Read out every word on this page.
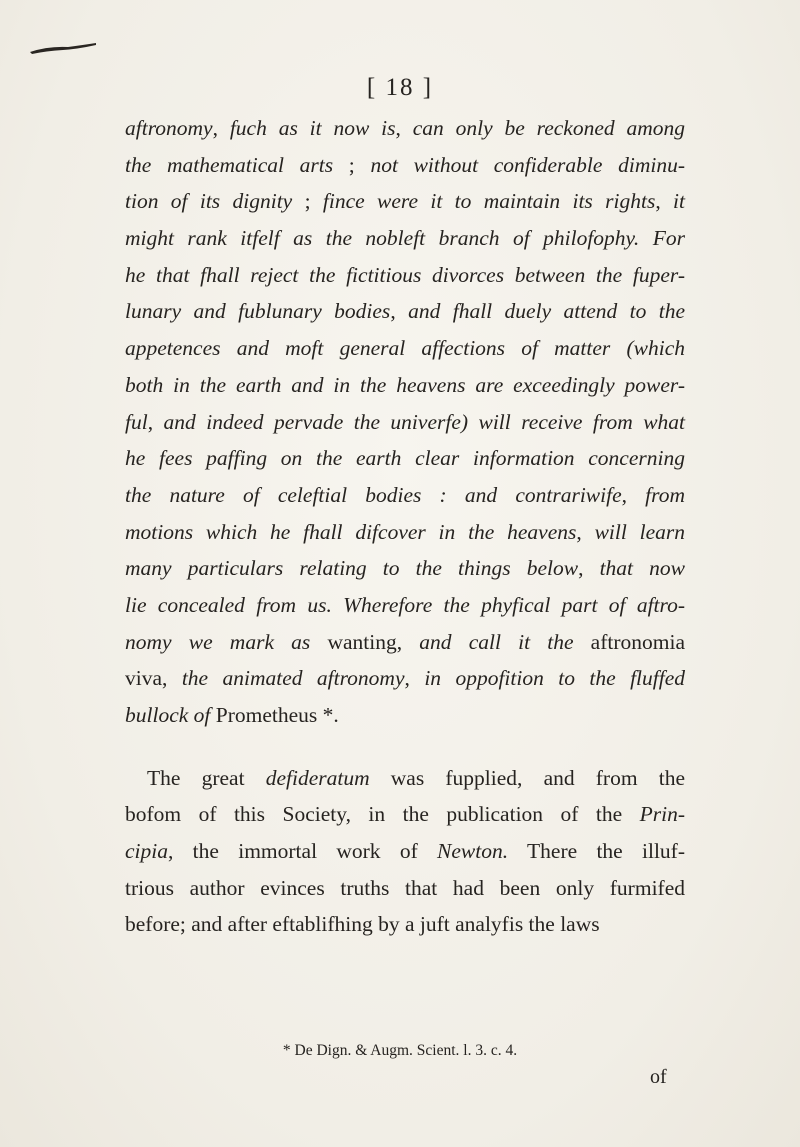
[ 18 ]
aftronomy, fuch as it now is, can only be reckoned among
the mathematical arts ; not without confiderable diminu-
tion of its dignity ; fince were it to maintain its rights, it
might rank itfelf as the nobleft branch of philofophy. For
he that fhall reject the fictitious divorces between the fuper-
lunary and fublunary bodies, and fhall duely attend to the
appetences and moft general affections of matter (which
both in the earth and in the heavens are exceedingly power-
ful, and indeed pervade the univerfe) will receive from what
he fees paffing on the earth clear information concerning
the nature of celeftial bodies : and contrariwife, from
motions which he fhall difcover in the heavens, will learn
many particulars relating to the things below, that now
lie concealed from us. Wherefore the phyfical part of aftro-
nomy we mark as wanting, and call it the aftronomia
viva, the animated aftronomy, in oppofition to the fluffed
bullock of Prometheus *.
The great defideratum was fupplied, and from the
bofom of this Society, in the publication of the Prin-
cipia, the immortal work of Newton. There the illuf-
trious author evinces truths that had been only furmifed
before; and after eftablifhing by a juft analyfis the laws
* De Dign. & Augm. Scient. l. 3. c. 4.
of
